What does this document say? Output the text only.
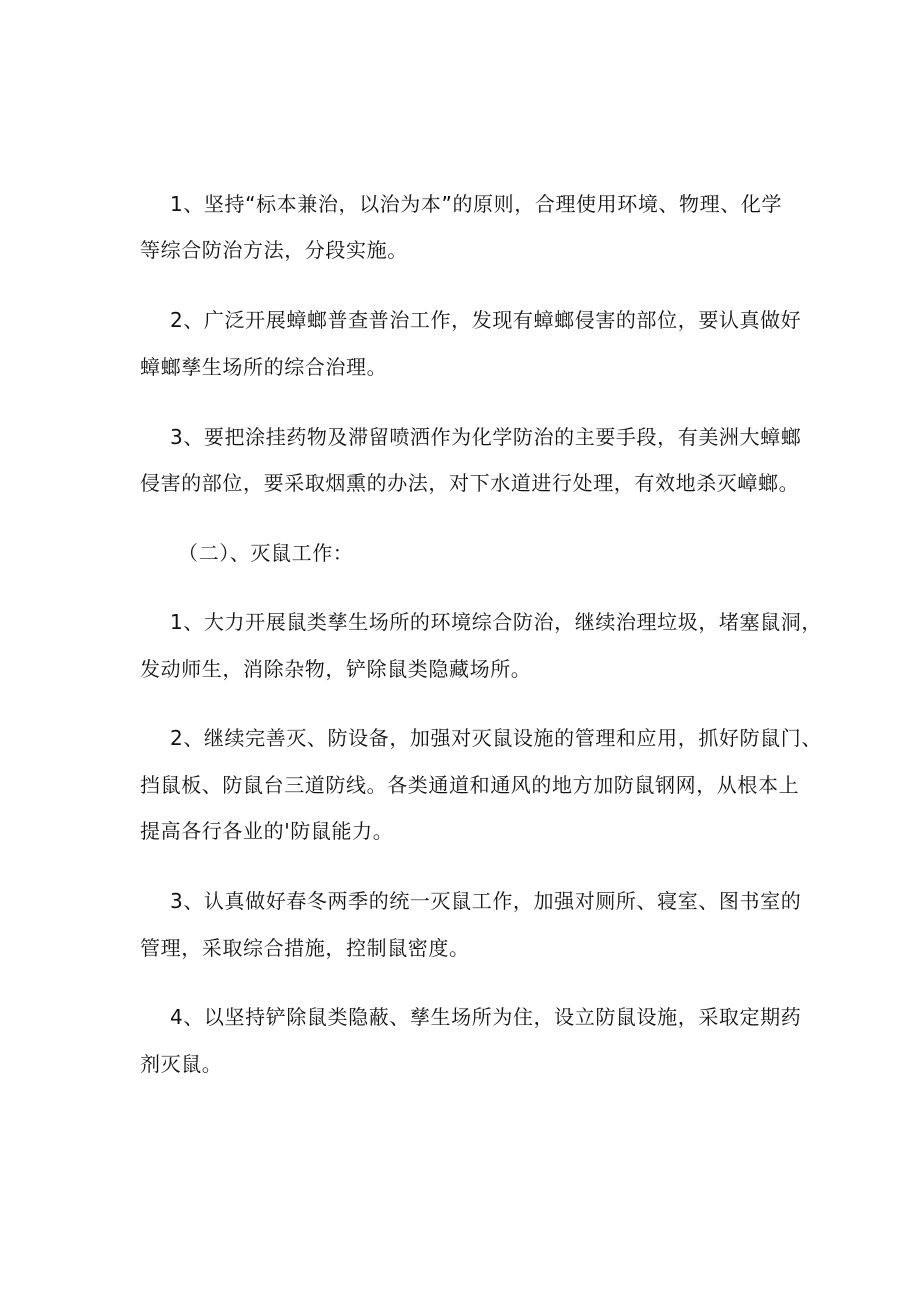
1、坚持“标本兼治，以治为本”的原则，合理使用环境、物理、化学
等综合防治方法，分段实施。
2、广泛开展蟑螂普查普治工作，发现有蟑螂侵害的部位，要认真做好
蟑螂孳生场所的综合治理。
3、要把涂挂药物及滞留喷洒作为化学防治的主要手段，有美洲大蟑螂
侵害的部位，要采取烟熏的办法，对下水道进行处理，有效地杀灭嶂螂。
（二）、灭鼠工作：
1、大力开展鼠类孳生场所的环境综合防治，继续治理垃圾，堵塞鼠洞，
发动师生，消除杂物，铲除鼠类隐藏场所。
2、继续完善灭、防设备，加强对灭鼠设施的管理和应用，抓好防鼠门、
挡鼠板、防鼠台三道防线。各类通道和通风的地方加防鼠钢网，从根本上
提高各行各业的'防鼠能力。
3、认真做好春冬两季的统一灭鼠工作，加强对厕所、寝室、图书室的
管理，采取综合措施，控制鼠密度。
4、以坚持铲除鼠类隐蔽、孳生场所为住，设立防鼠设施，采取定期药
剂灭鼠。
